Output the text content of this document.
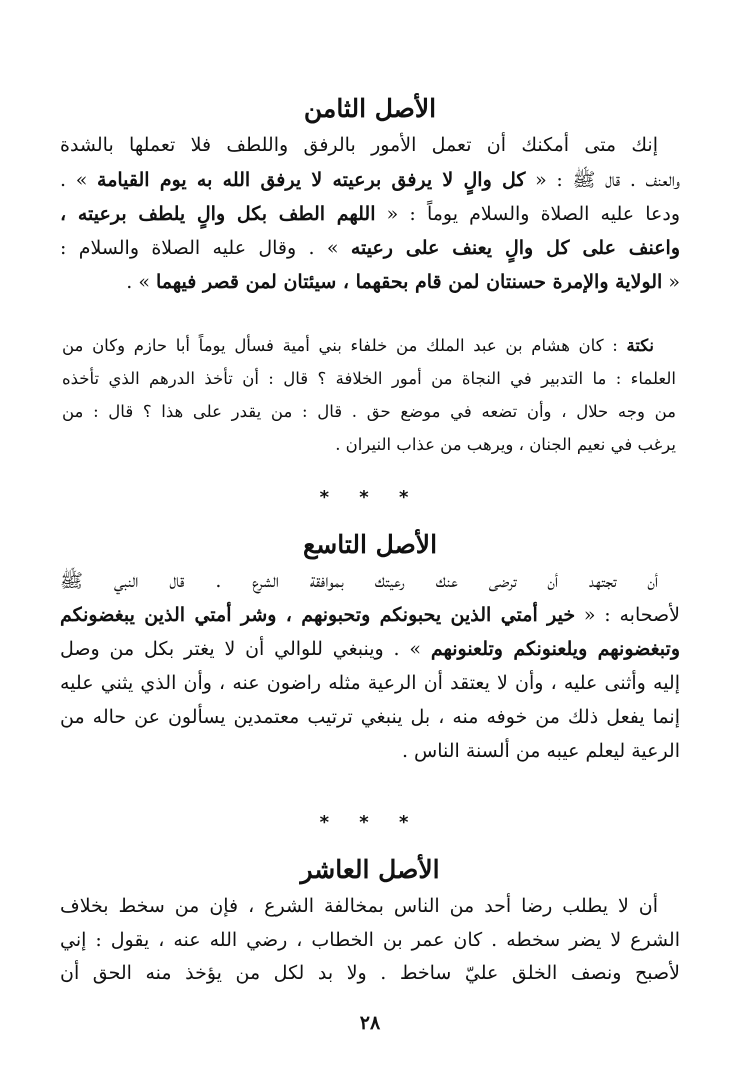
الأصل الثامن
إنك متى أمكنك أن تعمل الأمور بالرفق واللطف فلا تعملها بالشدة
والعنف . قال ﷺ : « كل والٍ لا يرفق برعيته لا يرفق الله به يوم القيامة » .
ودعا عليه الصلاة والسلام يوماً : « اللهم الطف بكل والٍ يلطف برعيته ،
واعنف على كل والٍ يعنف على رعيته » . وقال عليه الصلاة والسلام :
« الولاية والإمرة حسنتان لمن قام بحقهما ، سيئتان لمن قصر فيهما » .
نكتة : كان هشام بن عبد الملك من خلفاء بني أمية فسأل يوماً أبا حازم وكان من
العلماء : ما التدبير في النجاة من أمور الخلافة ؟ قال : أن تأخذ الدرهم الذي تأخذه
من وجه حلال ، وأن تضعه في موضع حق . قال : من يقدر على هذا ؟ قال : من
يرغب في نعيم الجنان ، ويرهب من عذاب النيران .
* * *
الأصل التاسع
أن تجتهد أن ترضى عنك رعيتك بموافقة الشرع . قال النبي ﷺ
لأصحابه : « خير أمتي الذين يحبونكم وتحبونهم ، وشر أمتي الذين يبغضونكم
وتبغضونهم ويلعنونكم وتلعنونهم » . وينبغي للوالي أن لا يغتر بكل من وصل
إليه وأثنى عليه ، وأن لا يعتقد أن الرعية مثله راضون عنه ، وأن الذي يثني عليه
إنما يفعل ذلك من خوفه منه ، بل ينبغي ترتيب معتمدين يسألون عن حاله من
الرعية ليعلم عيبه من ألسنة الناس .
* * *
الأصل العاشر
أن لا يطلب رضا أحد من الناس بمخالفة الشرع ، فإن من سخط بخلاف
الشرع لا يضر سخطه . كان عمر بن الخطاب ، رضي الله عنه ، يقول : إني
لأصبح ونصف الخلق عليّ ساخط . ولا بد لكل من يؤخذ منه الحق أن
٢٨
